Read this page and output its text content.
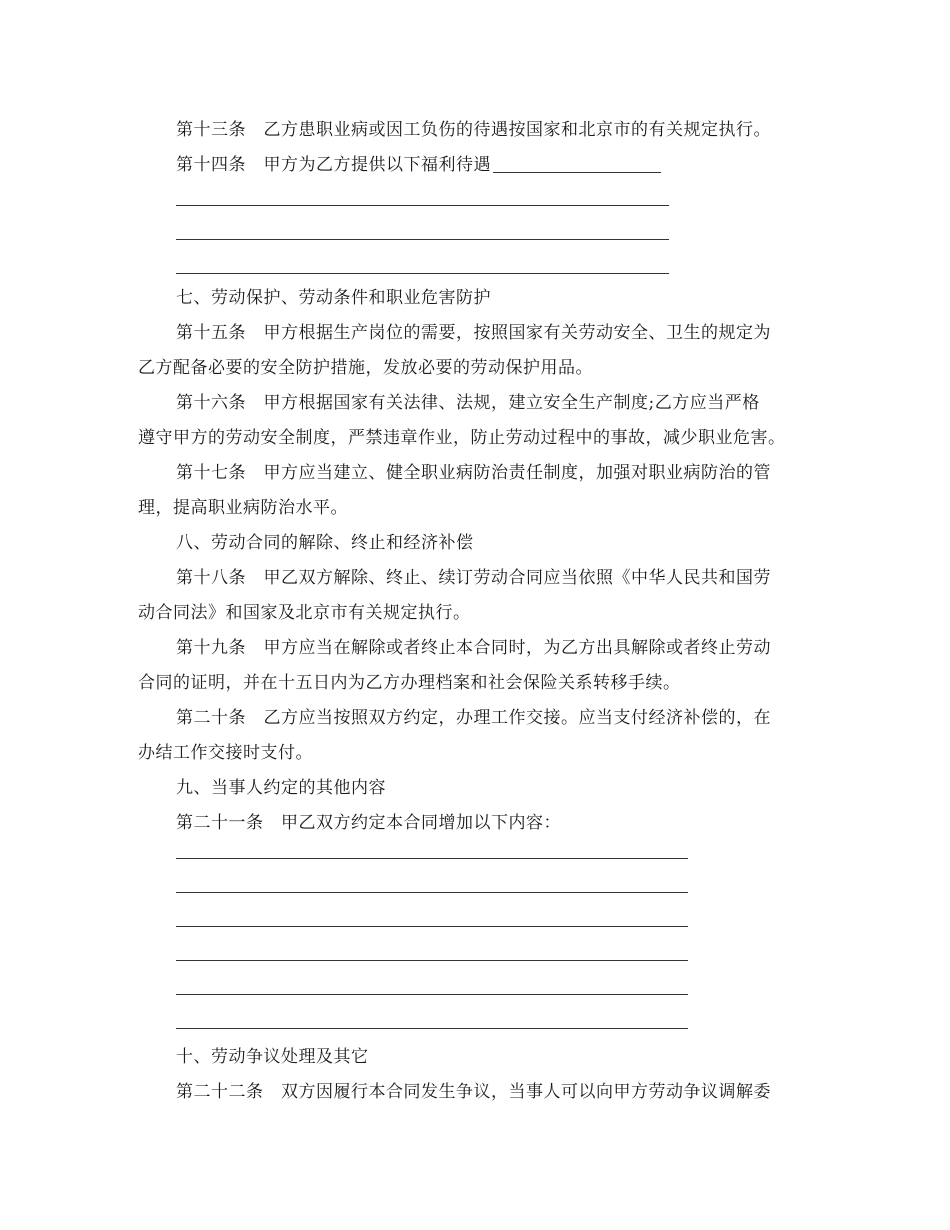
第十三条　乙方患职业病或因工负伤的待遇按国家和北京市的有关规定执行。
第十四条　甲方为乙方提供以下福利待遇
七、劳动保护、劳动条件和职业危害防护
第十五条　甲方根据生产岗位的需要，按照国家有关劳动安全、卫生的规定为
乙方配备必要的安全防护措施，发放必要的劳动保护用品。
第十六条　甲方根据国家有关法律、法规，建立安全生产制度;乙方应当严格
遵守甲方的劳动安全制度，严禁违章作业，防止劳动过程中的事故，减少职业危害。
第十七条　甲方应当建立、健全职业病防治责任制度，加强对职业病防治的管
理，提高职业病防治水平。
八、劳动合同的解除、终止和经济补偿
第十八条　甲乙双方解除、终止、续订劳动合同应当依照《中华人民共和国劳
动合同法》和国家及北京市有关规定执行。
第十九条　甲方应当在解除或者终止本合同时，为乙方出具解除或者终止劳动
合同的证明，并在十五日内为乙方办理档案和社会保险关系转移手续。
第二十条　乙方应当按照双方约定，办理工作交接。应当支付经济补偿的，在
办结工作交接时支付。
九、当事人约定的其他内容
第二十一条　甲乙双方约定本合同增加以下内容：
十、劳动争议处理及其它
第二十二条　双方因履行本合同发生争议，当事人可以向甲方劳动争议调解委
